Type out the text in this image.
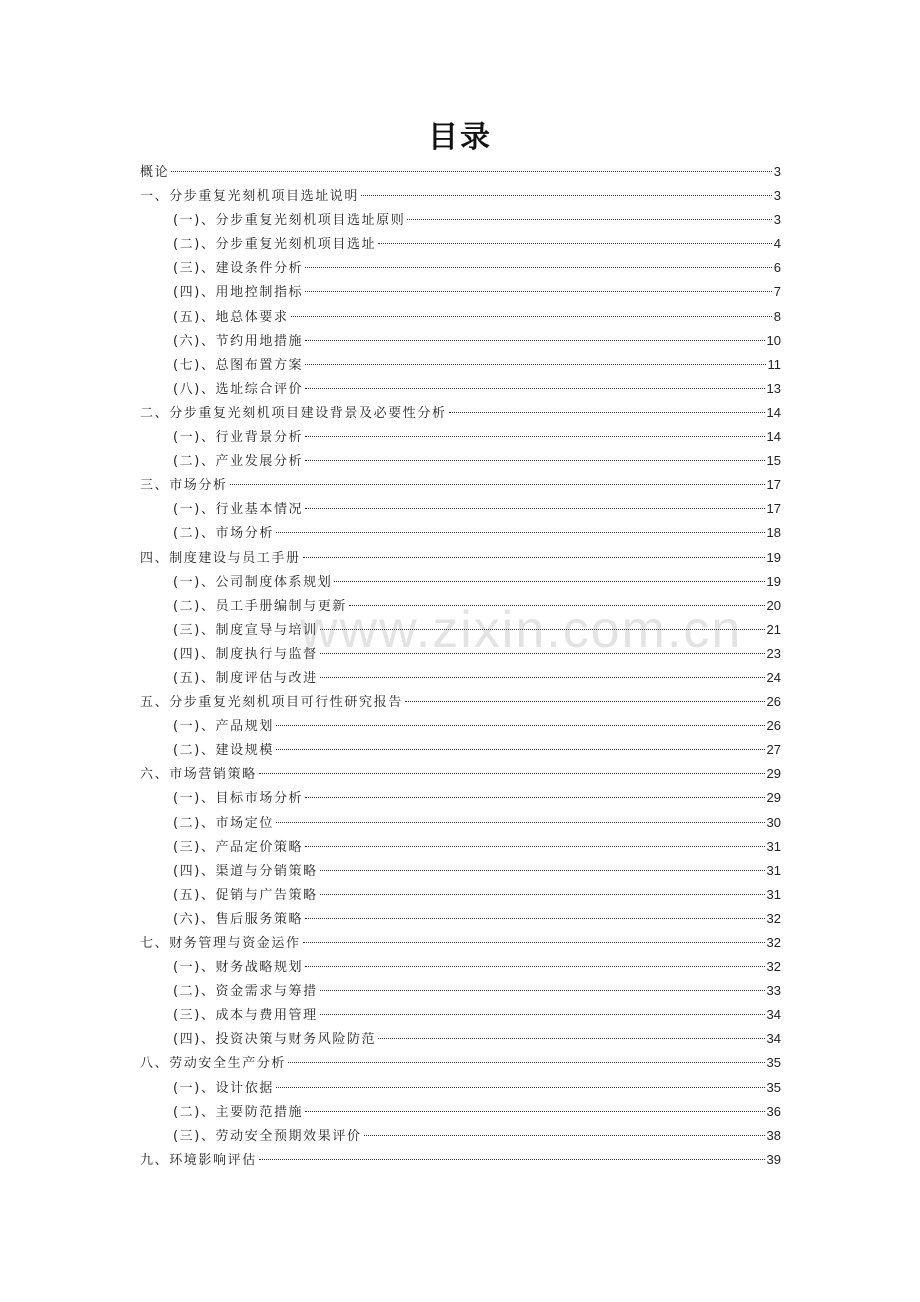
www.zixin.com.cn
目录
概论	3
一、分步重复光刻机项目选址说明	3
(一)、分步重复光刻机项目选址原则	3
(二)、分步重复光刻机项目选址	4
(三)、建设条件分析	6
(四)、用地控制指标	7
(五)、地总体要求	8
(六)、节约用地措施	10
(七)、总图布置方案	11
(八)、选址综合评价	13
二、分步重复光刻机项目建设背景及必要性分析	14
(一)、行业背景分析	14
(二)、产业发展分析	15
三、市场分析	17
(一)、行业基本情况	17
(二)、市场分析	18
四、制度建设与员工手册	19
(一)、公司制度体系规划	19
(二)、员工手册编制与更新	20
(三)、制度宣导与培训	21
(四)、制度执行与监督	23
(五)、制度评估与改进	24
五、分步重复光刻机项目可行性研究报告	26
(一)、产品规划	26
(二)、建设规模	27
六、市场营销策略	29
(一)、目标市场分析	29
(二)、市场定位	30
(三)、产品定价策略	31
(四)、渠道与分销策略	31
(五)、促销与广告策略	31
(六)、售后服务策略	32
七、财务管理与资金运作	32
(一)、财务战略规划	32
(二)、资金需求与筹措	33
(三)、成本与费用管理	34
(四)、投资决策与财务风险防范	34
八、劳动安全生产分析	35
(一)、设计依据	35
(二)、主要防范措施	36
(三)、劳动安全预期效果评价	38
九、环境影响评估	39
